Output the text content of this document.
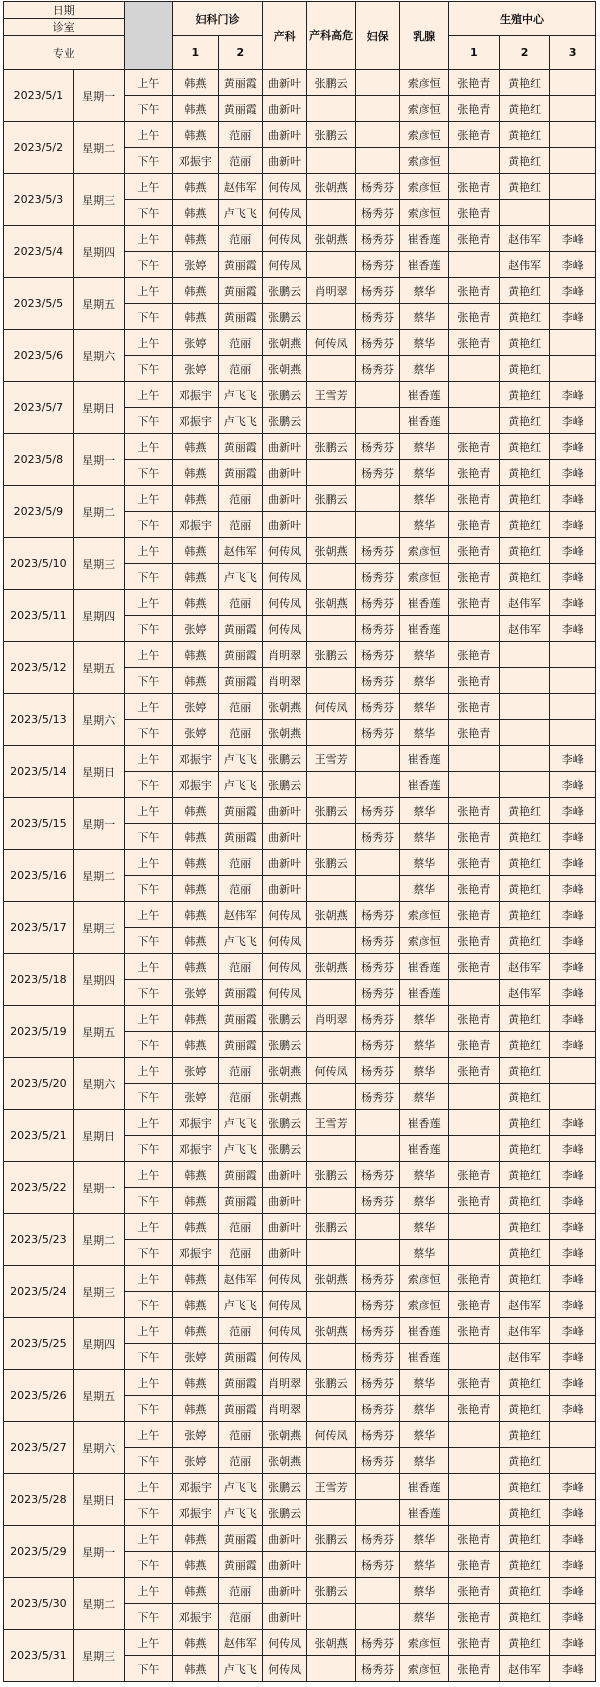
日期			妇科门诊		产科	产科高危	妇保	乳腺	生殖中心		
诊室											
专业			1	2					1	2	3
2023/5/1	星期一	上午	韩燕	黄丽霞	曲新叶	张鹏云		索彦恒	张艳青	黄艳红	
		下午	韩燕	黄丽霞	曲新叶			索彦恒	张艳青	黄艳红	
2023/5/2	星期二	上午	韩燕	范丽	曲新叶	张鹏云		索彦恒	张艳青	黄艳红	
		下午	邓振宇	范丽	曲新叶			索彦恒		黄艳红	
2023/5/3	星期三	上午	韩燕	赵伟军	何传凤	张朝燕	杨秀芬	索彦恒	张艳青	黄艳红	
		下午	韩燕	卢飞飞	何传凤		杨秀芬	索彦恒	张艳青		
2023/5/4	星期四	上午	韩燕	范丽	何传凤	张朝燕	杨秀芬	崔香莲	张艳青	赵伟军	李峰
		下午	张婷	黄丽霞	何传凤		杨秀芬	崔香莲		赵伟军	李峰
2023/5/5	星期五	上午	韩燕	黄丽霞	张鹏云	肖明翠	杨秀芬	蔡华	张艳青	黄艳红	李峰
		下午	韩燕	黄丽霞	张鹏云		杨秀芬	蔡华	张艳青	黄艳红	李峰
2023/5/6	星期六	上午	张婷	范丽	张朝燕	何传凤	杨秀芬	蔡华	张艳青	黄艳红	
		下午	张婷	范丽	张朝燕		杨秀芬	蔡华		黄艳红	
2023/5/7	星期日	上午	邓振宇	卢飞飞	张鹏云	王雪芳		崔香莲		黄艳红	李峰
		下午	邓振宇	卢飞飞	张鹏云			崔香莲		黄艳红	李峰
2023/5/8	星期一	上午	韩燕	黄丽霞	曲新叶	张鹏云	杨秀芬	蔡华	张艳青	黄艳红	李峰
		下午	韩燕	黄丽霞	曲新叶		杨秀芬	蔡华	张艳青	黄艳红	李峰
2023/5/9	星期二	上午	韩燕	范丽	曲新叶	张鹏云		蔡华	张艳青	黄艳红	李峰
		下午	邓振宇	范丽	曲新叶			蔡华	张艳青	黄艳红	李峰
2023/5/10	星期三	上午	韩燕	赵伟军	何传凤	张朝燕	杨秀芬	索彦恒	张艳青	黄艳红	李峰
		下午	韩燕	卢飞飞	何传凤		杨秀芬	索彦恒	张艳青	黄艳红	李峰
2023/5/11	星期四	上午	韩燕	范丽	何传凤	张朝燕	杨秀芬	崔香莲	张艳青	赵伟军	李峰
		下午	张婷	黄丽霞	何传凤		杨秀芬	崔香莲		赵伟军	李峰
2023/5/12	星期五	上午	韩燕	黄丽霞	肖明翠	张鹏云	杨秀芬	蔡华	张艳青		
		下午	韩燕	黄丽霞	肖明翠		杨秀芬	蔡华	张艳青		
2023/5/13	星期六	上午	张婷	范丽	张朝燕	何传凤	杨秀芬	蔡华	张艳青		
		下午	张婷	范丽	张朝燕		杨秀芬	蔡华	张艳青		
2023/5/14	星期日	上午	邓振宇	卢飞飞	张鹏云	王雪芳		崔香莲			李峰
		下午	邓振宇	卢飞飞	张鹏云			崔香莲			李峰
2023/5/15	星期一	上午	韩燕	黄丽霞	曲新叶	张鹏云	杨秀芬	蔡华	张艳青	黄艳红	李峰
		下午	韩燕	黄丽霞	曲新叶		杨秀芬	蔡华	张艳青	黄艳红	李峰
2023/5/16	星期二	上午	韩燕	范丽	曲新叶	张鹏云		蔡华	张艳青	黄艳红	李峰
		下午	韩燕	范丽	曲新叶			蔡华	张艳青	黄艳红	李峰
2023/5/17	星期三	上午	韩燕	赵伟军	何传凤	张朝燕	杨秀芬	索彦恒	张艳青	黄艳红	李峰
		下午	韩燕	卢飞飞	何传凤		杨秀芬	索彦恒	张艳青	黄艳红	李峰
2023/5/18	星期四	上午	韩燕	范丽	何传凤	张朝燕	杨秀芬	崔香莲	张艳青	赵伟军	李峰
		下午	张婷	黄丽霞	何传凤		杨秀芬	崔香莲		赵伟军	李峰
2023/5/19	星期五	上午	韩燕	黄丽霞	张鹏云	肖明翠	杨秀芬	蔡华	张艳青	黄艳红	李峰
		下午	韩燕	黄丽霞	张鹏云		杨秀芬	蔡华	张艳青	黄艳红	李峰
2023/5/20	星期六	上午	张婷	范丽	张朝燕	何传凤	杨秀芬	蔡华	张艳青	黄艳红	
		下午	张婷	范丽	张朝燕		杨秀芬	蔡华		黄艳红	
2023/5/21	星期日	上午	邓振宇	卢飞飞	张鹏云	王雪芳		崔香莲		黄艳红	李峰
		下午	邓振宇	卢飞飞	张鹏云			崔香莲		黄艳红	李峰
2023/5/22	星期一	上午	韩燕	黄丽霞	曲新叶	张鹏云	杨秀芬	蔡华	张艳青	黄艳红	李峰
		下午	韩燕	黄丽霞	曲新叶		杨秀芬	蔡华	张艳青	黄艳红	李峰
2023/5/23	星期二	上午	韩燕	范丽	曲新叶	张鹏云		蔡华		黄艳红	李峰
		下午	邓振宇	范丽	曲新叶			蔡华		黄艳红	李峰
2023/5/24	星期三	上午	韩燕	赵伟军	何传凤	张朝燕	杨秀芬	索彦恒	张艳青	黄艳红	李峰
		下午	韩燕	卢飞飞	何传凤		杨秀芬	索彦恒	张艳青	赵伟军	李峰
2023/5/25	星期四	上午	韩燕	范丽	何传凤	张朝燕	杨秀芬	崔香莲	张艳青	赵伟军	李峰
		下午	张婷	黄丽霞	何传凤		杨秀芬	崔香莲		赵伟军	李峰
2023/5/26	星期五	上午	韩燕	黄丽霞	肖明翠	张鹏云	杨秀芬	蔡华	张艳青	黄艳红	李峰
		下午	韩燕	黄丽霞	肖明翠		杨秀芬	蔡华	张艳青	黄艳红	李峰
2023/5/27	星期六	上午	张婷	范丽	张朝燕	何传凤	杨秀芬	蔡华		黄艳红	
		下午	张婷	范丽	张朝燕		杨秀芬	蔡华		黄艳红	
2023/5/28	星期日	上午	邓振宇	卢飞飞	张鹏云	王雪芳		崔香莲		黄艳红	李峰
		下午	邓振宇	卢飞飞	张鹏云			崔香莲		黄艳红	李峰
2023/5/29	星期一	上午	韩燕	黄丽霞	曲新叶	张鹏云	杨秀芬	蔡华	张艳青	黄艳红	李峰
		下午	韩燕	黄丽霞	曲新叶		杨秀芬	蔡华	张艳青	黄艳红	李峰
2023/5/30	星期二	上午	韩燕	范丽	曲新叶	张鹏云		蔡华	张艳青	黄艳红	李峰
		下午	邓振宇	范丽	曲新叶			蔡华	张艳青	黄艳红	李峰
2023/5/31	星期三	上午	韩燕	赵伟军	何传凤	张朝燕	杨秀芬	索彦恒	张艳青	黄艳红	李峰
		下午	韩燕	卢飞飞	何传凤		杨秀芬	索彦恒	张艳青	赵伟军	李峰
